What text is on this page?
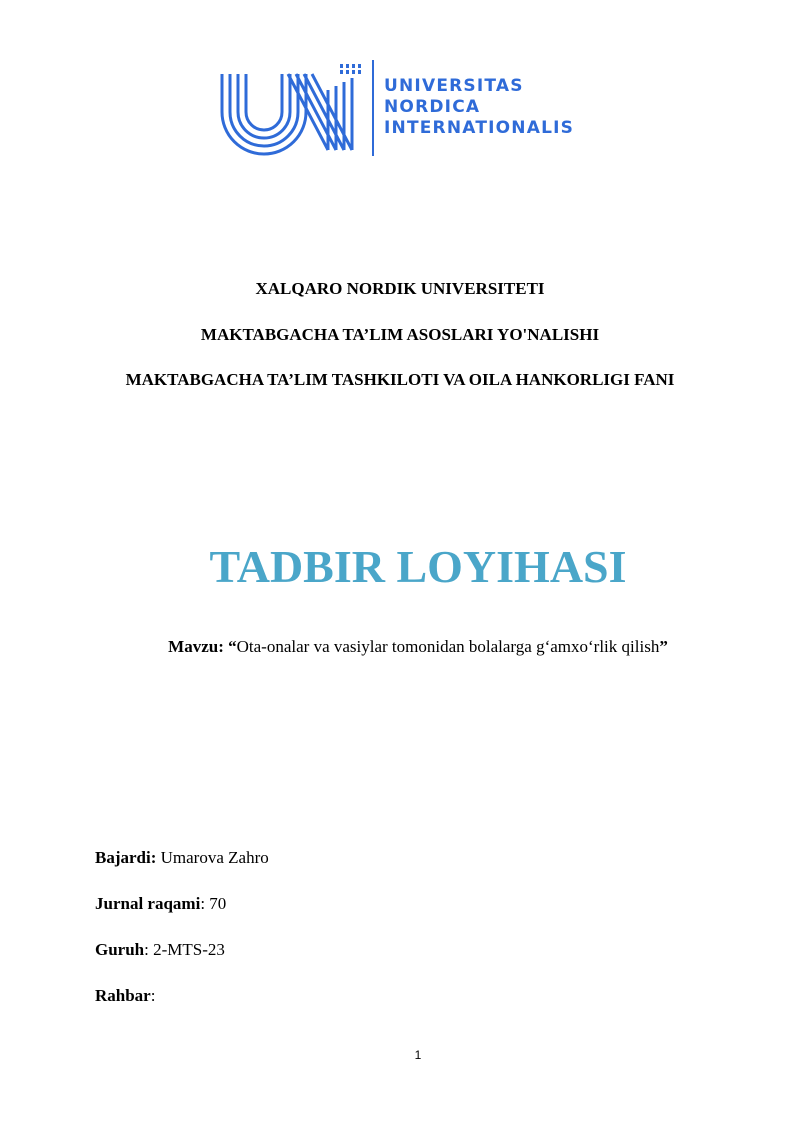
UNIVERSITAS
NORDICA
INTERNATIONALIS
XALQARO NORDIK UNIVERSITETI
MAKTABGACHA TA’LIM ASOSLARI YO'NALISHI
MAKTABGACHA TA’LIM TASHKILOTI VA OILA HANKORLIGI FANI
TADBIR LOYIHASI
Mavzu: “Ota-onalar va vasiylar tomonidan bolalarga g‘amxo‘rlik qilish”
Bajardi: Umarova Zahro
Jurnal raqami: 70
Guruh: 2-MTS-23
Rahbar:
1
